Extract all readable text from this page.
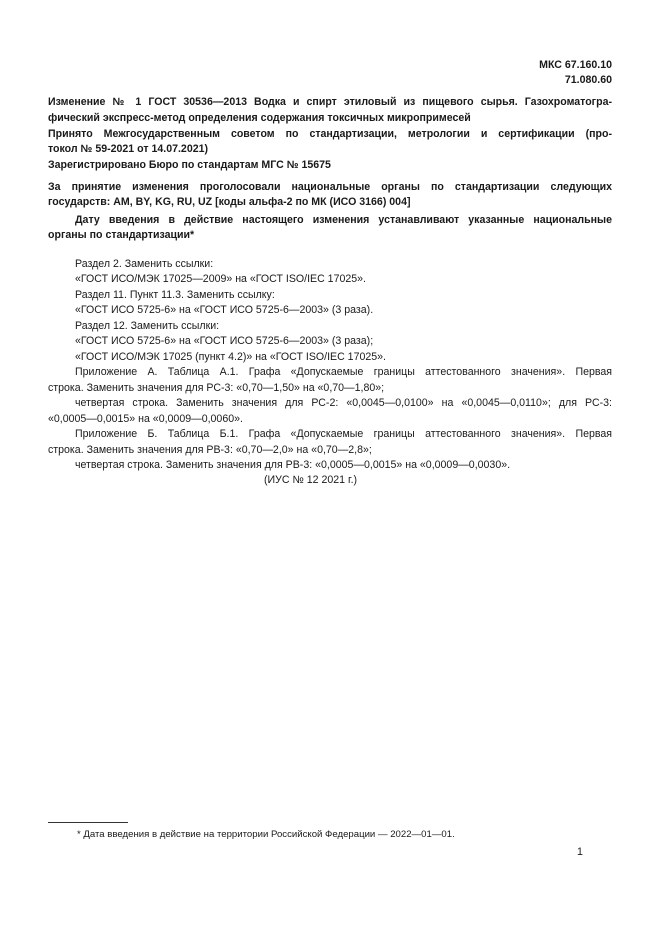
МКС 67.160.10
71.080.60
Изменение № 1 ГОСТ 30536—2013 Водка и спирт этиловый из пищевого сырья. Газохроматогра-
фический экспресс-метод определения содержания токсичных микропримесей
Принято Межгосударственным советом по стандартизации, метрологии и сертификации (про-
токол № 59-2021 от 14.07.2021)
Зарегистрировано Бюро по стандартам МГС № 15675
За принятие изменения проголосовали национальные органы по стандартизации следующих
государств: AM, BY, KG, RU, UZ [коды альфа-2 по МК (ИСО 3166) 004]
Дату введения в действие настоящего изменения устанавливают указанные национальные
органы по стандартизации*
Раздел 2. Заменить ссылки:
«ГОСТ ИСО/МЭК 17025—2009» на «ГОСТ ISO/IEC 17025».
Раздел 11. Пункт 11.3. Заменить ссылку:
«ГОСТ ИСО 5725-6» на «ГОСТ ИСО 5725-6—2003» (3 раза).
Раздел 12. Заменить ссылки:
«ГОСТ ИСО 5725-6» на «ГОСТ ИСО 5725-6—2003» (3 раза);
«ГОСТ ИСО/МЭК 17025 (пункт 4.2)» на «ГОСТ ISO/IEC 17025».
Приложение А. Таблица А.1. Графа «Допускаемые границы аттестованного значения». Первая
строка. Заменить значения для РС-3: «0,70—1,50» на «0,70—1,80»;
четвертая строка. Заменить значения для РС-2: «0,0045—0,0100» на «0,0045—0,0110»; для РС-3:
«0,0005—0,0015» на «0,0009—0,0060».
Приложение Б. Таблица Б.1. Графа «Допускаемые границы аттестованного значения». Первая
строка. Заменить значения для РВ-3: «0,70—2,0» на «0,70—2,8»;
четвертая строка. Заменить значения для РВ-3: «0,0005—0,0015» на «0,0009—0,0030».
(ИУС № 12 2021 г.)
* Дата введения в действие на территории Российской Федерации — 2022—01—01.
1
